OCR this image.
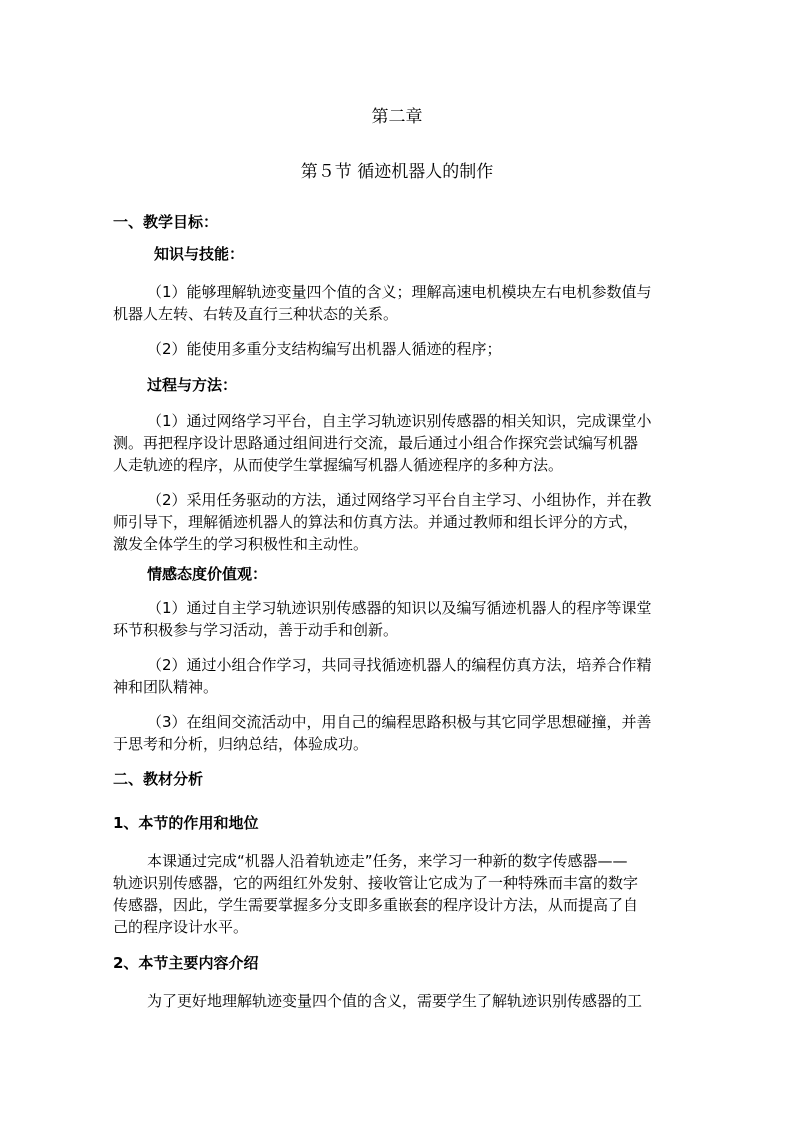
第二章
第５节 循迹机器人的制作
一、教学目标：
知识与技能：
（1）能够理解轨迹变量四个值的含义；理解高速电机模块左右电机参数值与
机器人左转、右转及直行三种状态的关系。
（2）能使用多重分支结构编写出机器人循迹的程序；
过程与方法：
（1）通过网络学习平台，自主学习轨迹识别传感器的相关知识，完成课堂小
测。再把程序设计思路通过组间进行交流，最后通过小组合作探究尝试编写机器
人走轨迹的程序，从而使学生掌握编写机器人循迹程序的多种方法。
（2）采用任务驱动的方法，通过网络学习平台自主学习、小组协作，并在教
师引导下，理解循迹机器人的算法和仿真方法。并通过教师和组长评分的方式，
激发全体学生的学习积极性和主动性。
情感态度价值观：
（1）通过自主学习轨迹识别传感器的知识以及编写循迹机器人的程序等课堂
环节积极参与学习活动，善于动手和创新。
（2）通过小组合作学习，共同寻找循迹机器人的编程仿真方法，培养合作精
神和团队精神。
（3）在组间交流活动中，用自己的编程思路积极与其它同学思想碰撞，并善
于思考和分析，归纳总结，体验成功。
二、教材分析
1、本节的作用和地位
本课通过完成“机器人沿着轨迹走”任务，来学习一种新的数字传感器——
轨迹识别传感器，它的两组红外发射、接收管让它成为了一种特殊而丰富的数字
传感器，因此，学生需要掌握多分支即多重嵌套的程序设计方法，从而提高了自
己的程序设计水平。
2、本节主要内容介绍
为了更好地理解轨迹变量四个值的含义，需要学生了解轨迹识别传感器的工
